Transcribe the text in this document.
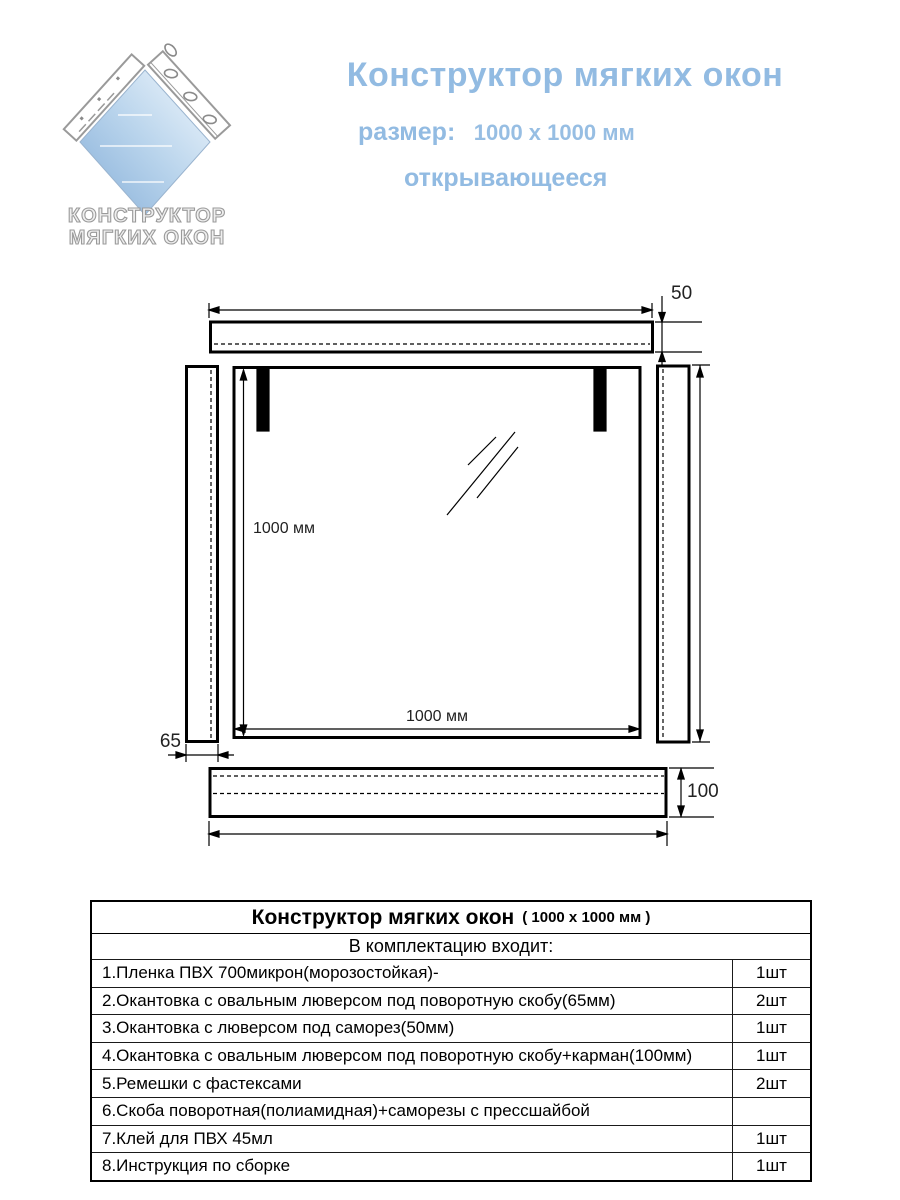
КОНСТРУКТОР
МЯГКИХ ОКОН
Конструктор мягких окон
размер: 1000 x 1000 мм
открывающееся
50
1000 мм
1000 мм
65
100
Конструктор мягких окон ( 1000 x 1000 мм )
В комплектацию входит:
1.Пленка ПВХ 700микрон(морозостойкая)-	1шт
2.Окантовка с овальным люверсом под поворотную скобу(65мм)	2шт
3.Окантовка с люверсом под саморез(50мм)	1шт
4.Окантовка с овальным люверсом под поворотную скобу+карман(100мм)	1шт
5.Ремешки с фастексами	2шт
6.Скоба поворотная(полиамидная)+саморезы с прессшайбой
7.Клей для ПВХ 45мл	1шт
8.Инструкция по сборке	1шт
